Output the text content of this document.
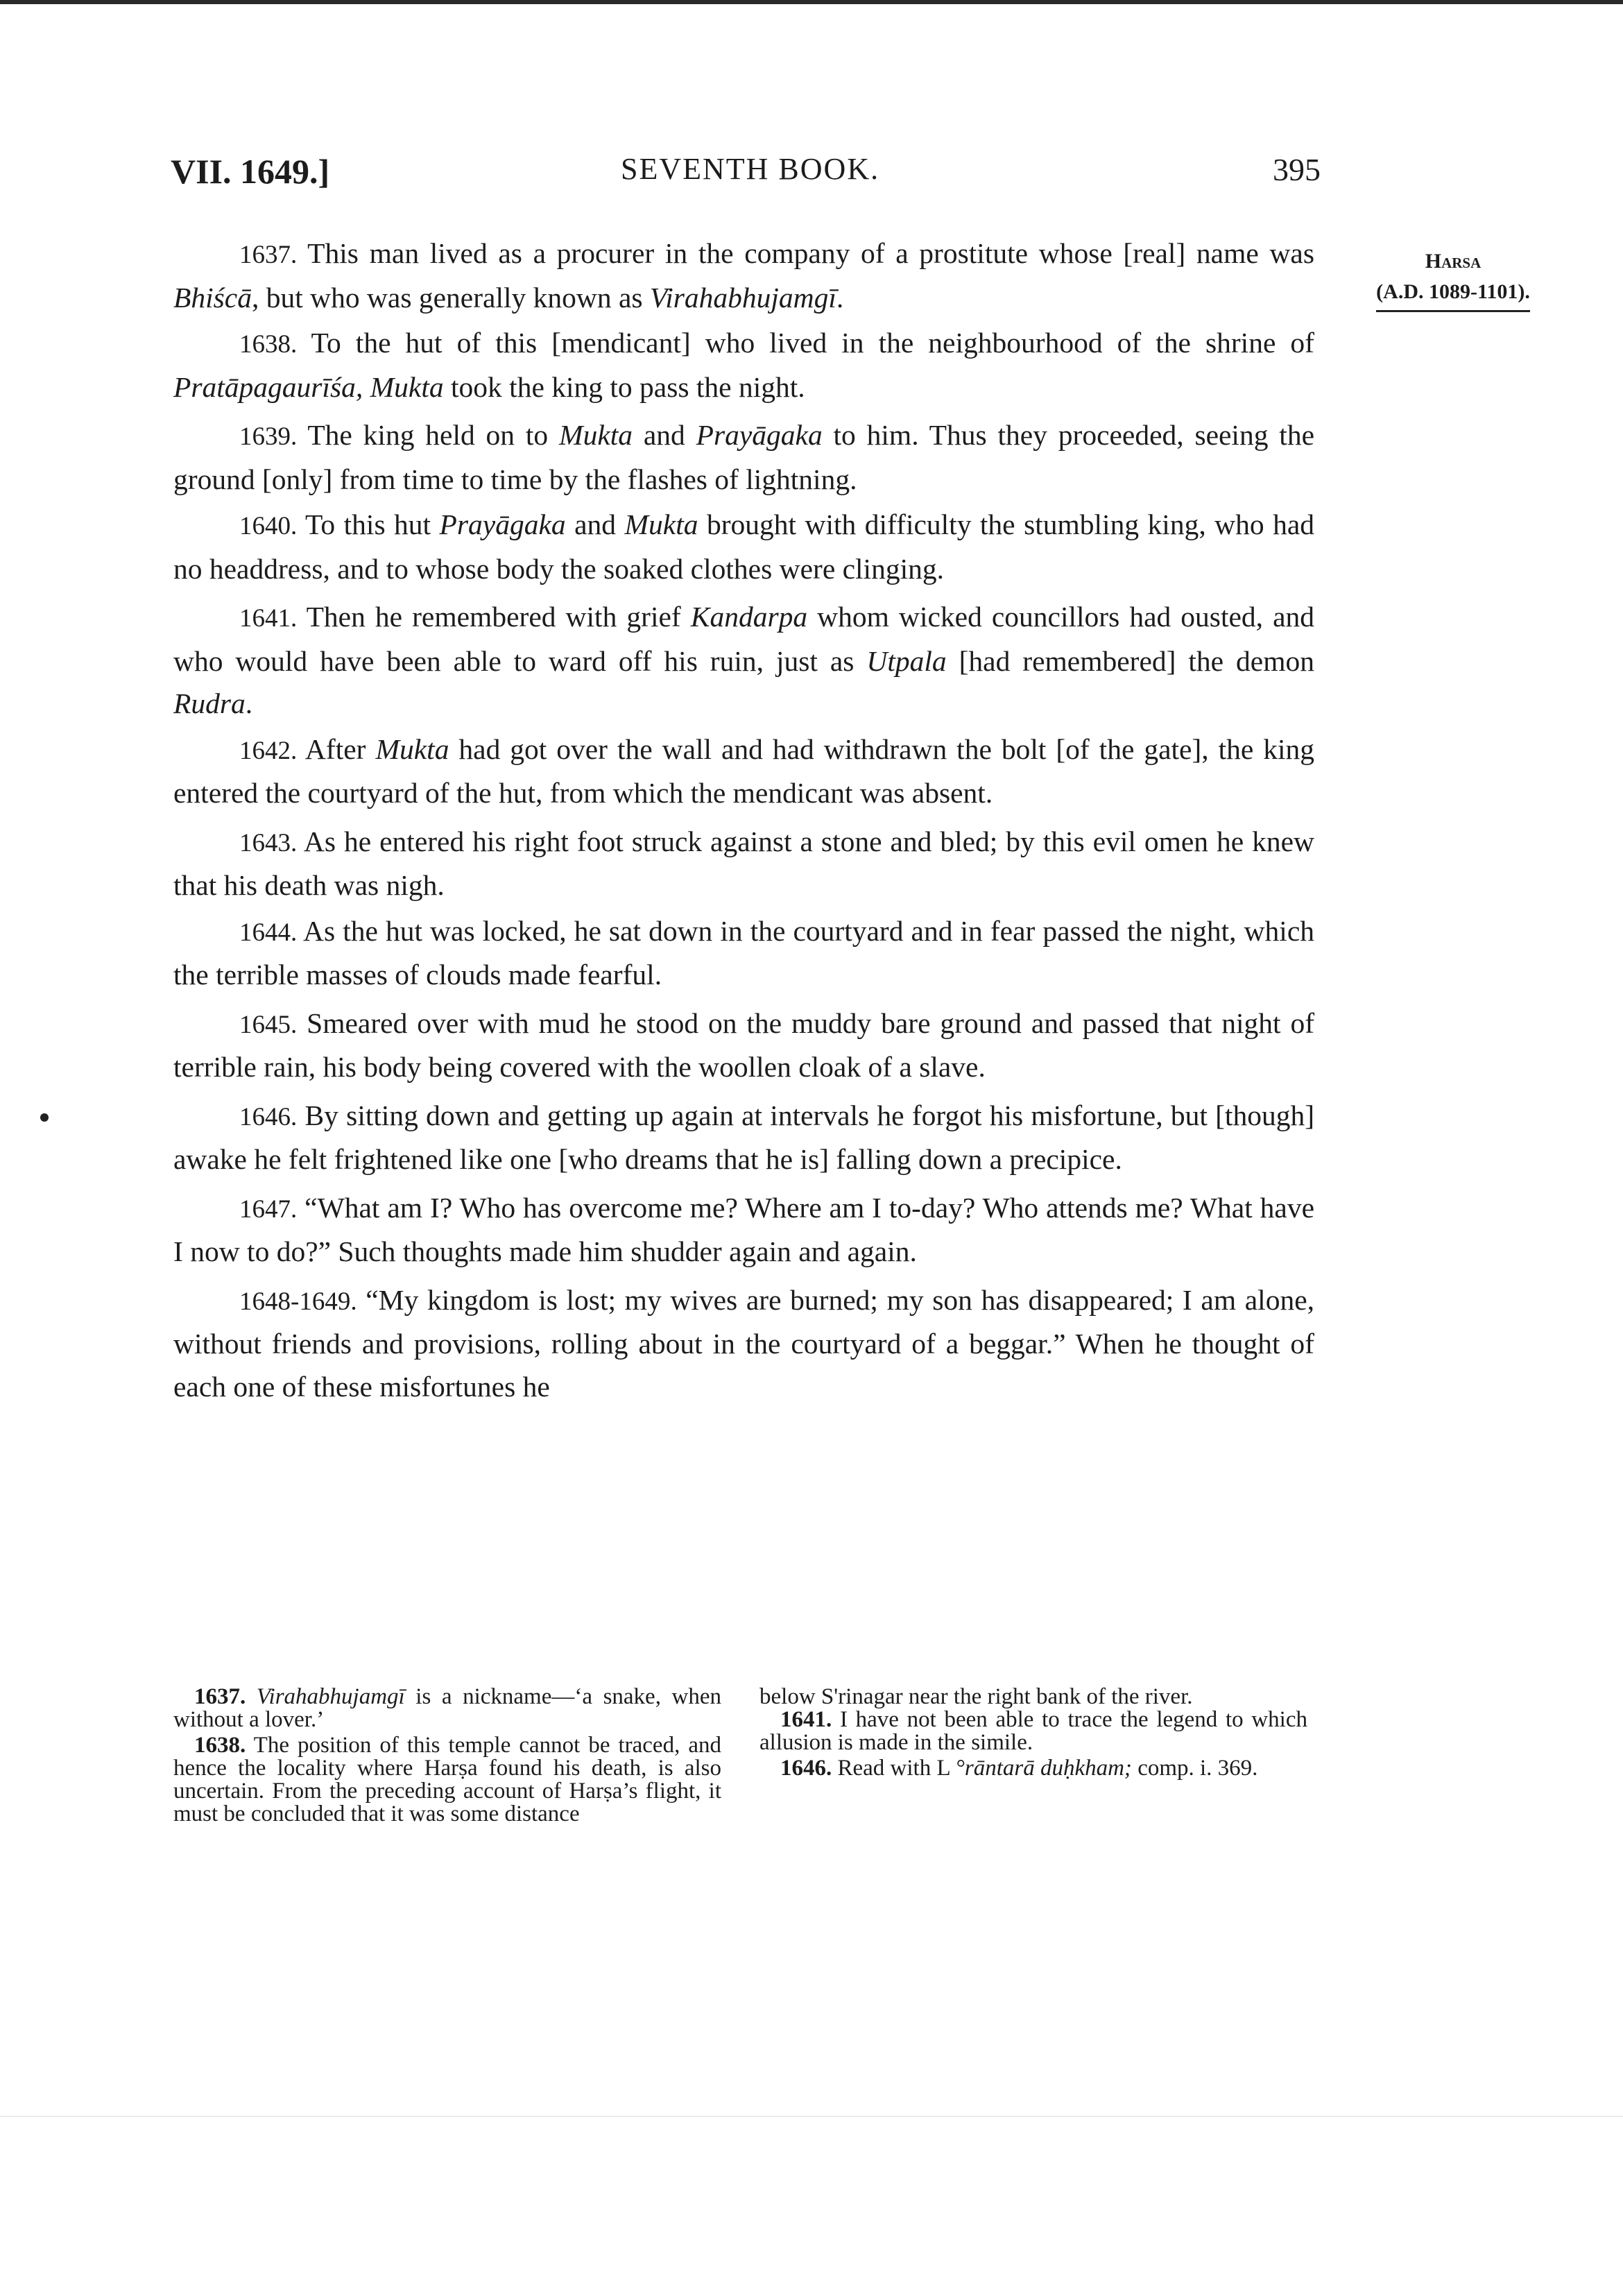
VII. 1649.]	SEVENTH BOOK.	395
Harsa
(A.D. 1089-1101).

1637. This man lived as a procurer in the company of a prostitute whose [real] name was Bhiścā, but who was generally known as Virahabhujamgī.

1638. To the hut of this [mendicant] who lived in the neighbourhood of the shrine of Pratāpagaurīśa, Mukta took the king to pass the night.

1639. The king held on to Mukta and Prayāgaka to him. Thus they proceeded, seeing the ground [only] from time to time by the flashes of lightning.

1640. To this hut Prayāgaka and Mukta brought with difficulty the stumbling king, who had no headdress, and to whose body the soaked clothes were clinging.

1641. Then he remembered with grief Kandarpa whom wicked councillors had ousted, and who would have been able to ward off his ruin, just as Utpala [had remembered] the demon Rudra.

1642. After Mukta had got over the wall and had withdrawn the bolt [of the gate], the king entered the courtyard of the hut, from which the mendicant was absent.

1643. As he entered his right foot struck against a stone and bled; by this evil omen he knew that his death was nigh.

1644. As the hut was locked, he sat down in the courtyard and in fear passed the night, which the terrible masses of clouds made fearful.

1645. Smeared over with mud he stood on the muddy bare ground and passed that night of terrible rain, his body being covered with the woollen cloak of a slave.

1646. By sitting down and getting up again at intervals he forgot his misfortune, but [though] awake he felt frightened like one [who dreams that he is] falling down a precipice.

1647. “What am I? Who has overcome me? Where am I to-day? Who attends me? What have I now to do?” Such thoughts made him shudder again and again.

1648-1649. “My kingdom is lost; my wives are burned; my son has disappeared; I am alone, without friends and provisions, rolling about in the courtyard of a beggar.” When he thought of each one of these misfortunes he

1637. Virahabhujamgī is a nickname—‘a snake, when without a lover.’

1638. The position of this temple cannot be traced, and hence the locality where Harṣa found his death, is also uncertain. From the preceding account of Harṣa’s flight, it must be concluded that it was some distance

below S'rinagar near the right bank of the river.

1641. I have not been able to trace the legend to which allusion is made in the simile.

1646. Read with L °rāntarā duḥkham; comp. i. 369.
